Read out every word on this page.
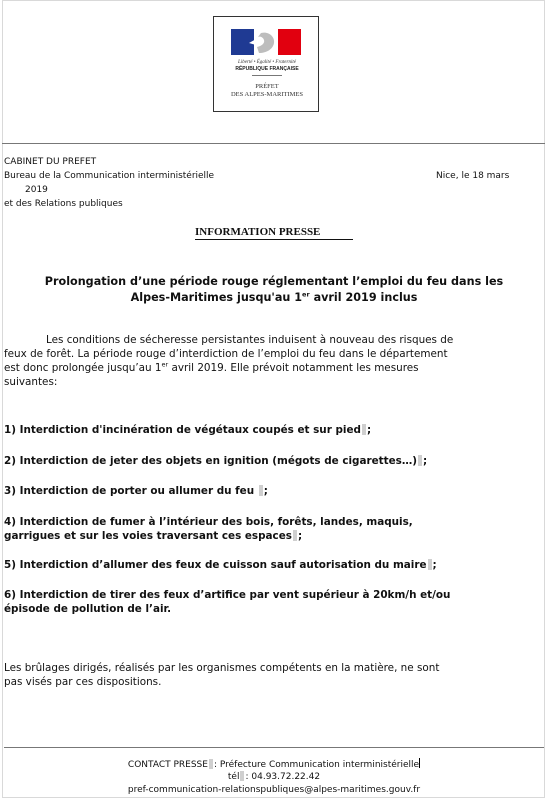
Liberté • Égalité • Fraternité
RÉPUBLIQUE FRANÇAISE
PRÉFET
DES ALPES-MARITIMES
CABINET DU PREFET
Bureau de la Communication interministérielle	Nice, le 18 mars
2019
et des Relations publiques
INFORMATION PRESSE
Prolongation d’une période rouge réglementant l’emploi du feu dans les
Alpes-Maritimes jusqu'au 1er avril 2019 inclus
Les conditions de sécheresse persistantes induisent à nouveau des risques de
feux de forêt. La période rouge d’interdiction de l’emploi du feu dans le département
est donc prolongée jusqu’au 1er avril 2019. Elle prévoit notamment les mesures
suivantes:
1) Interdiction d'incinération de végétaux coupés et sur pied ;
2) Interdiction de jeter des objets en ignition (mégots de cigarettes…) ;
3) Interdiction de porter ou allumer du feu ;
4) Interdiction de fumer à l’intérieur des bois, forêts, landes, maquis,
garrigues et sur les voies traversant ces espaces ;
5) Interdiction d’allumer des feux de cuisson sauf autorisation du maire ;
6) Interdiction de tirer des feux d’artifice par vent supérieur à 20km/h et/ou
épisode de pollution de l’air.
Les brûlages dirigés, réalisés par les organismes compétents en la matière, ne sont
pas visés par ces dispositions.
CONTACT PRESSE : Préfecture Communication interministérielle
tél : 04.93.72.22.42
pref-communication-relationspubliques@alpes-maritimes.gouv.fr
